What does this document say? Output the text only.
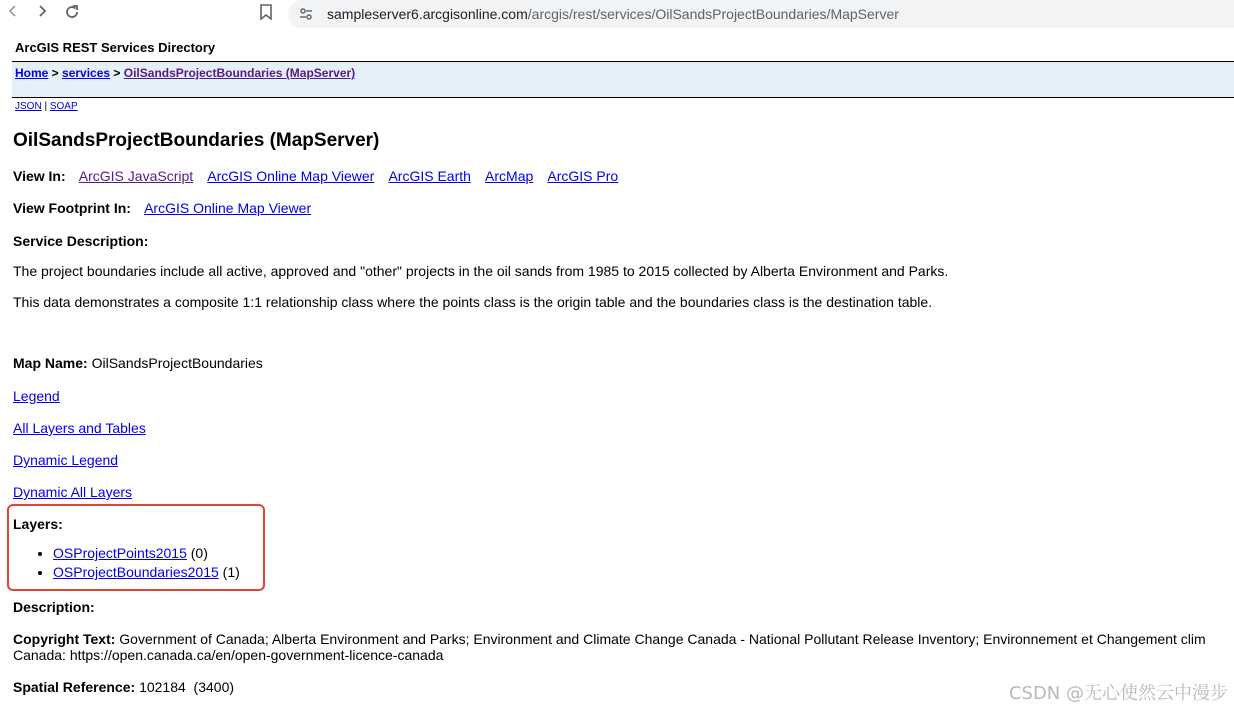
sampleserver6.arcgisonline.com/arcgis/rest/services/OilSandsProjectBoundaries/MapServer
ArcGIS REST Services Directory
Home > services > OilSandsProjectBoundaries (MapServer)
JSON | SOAP
OilSandsProjectBoundaries (MapServer)
View In: ArcGIS JavaScript ArcGIS Online Map Viewer ArcGIS Earth ArcMap ArcGIS Pro
View Footprint In: ArcGIS Online Map Viewer
Service Description:
The project boundaries include all active, approved and "other" projects in the oil sands from 1985 to 2015 collected by Alberta Environment and Parks.
This data demonstrates a composite 1:1 relationship class where the points class is the origin table and the boundaries class is the destination table.
Map Name: OilSandsProjectBoundaries
Legend
All Layers and Tables
Dynamic Legend
Dynamic All Layers
Layers:
• OSProjectPoints2015 (0)
• OSProjectBoundaries2015 (1)
Description:
Copyright Text: Government of Canada; Alberta Environment and Parks; Environment and Climate Change Canada - National Pollutant Release Inventory; Environnement et Changement clim
Canada: https://open.canada.ca/en/open-government-licence-canada
Spatial Reference: 102184  (3400)	CSDN @无心使然云中漫步
